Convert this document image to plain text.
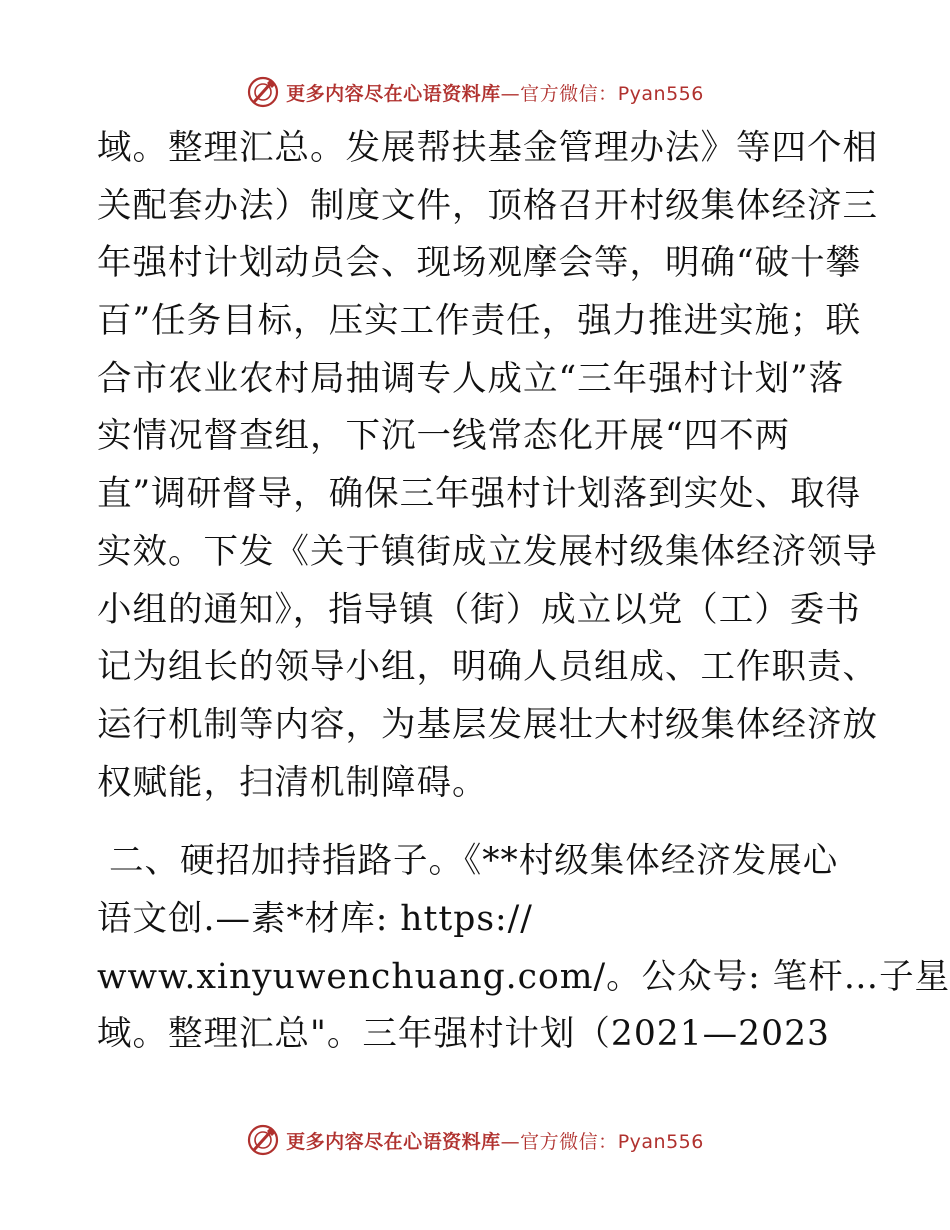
更多内容尽在心语资料库—官方微信：Pyan556
域。整理汇总。发展帮扶基金管理办法》等四个相
关配套办法）制度文件，顶格召开村级集体经济三
年强村计划动员会、现场观摩会等，明确“破十攀
百”任务目标，压实工作责任，强力推进实施；联
合市农业农村局抽调专人成立“三年强村计划”落
实情况督查组，下沉一线常态化开展“四不两
直”调研督导，确保三年强村计划落到实处、取得
实效。下发《关于镇街成立发展村级集体经济领导
小组的通知》，指导镇（街）成立以党（工）委书
记为组长的领导小组，明确人员组成、工作职责、
运行机制等内容，为基层发展壮大村级集体经济放
权赋能，扫清机制障碍。
二、硬招加持指路子。《**村级集体经济发展心
语文创.—素*材库: https://
www.xinyuwenchuang.com/。公众号: 笔杆…子星
域。整理汇总"。三年强村计划（2021—2023
更多内容尽在心语资料库—官方微信：Pyan556
